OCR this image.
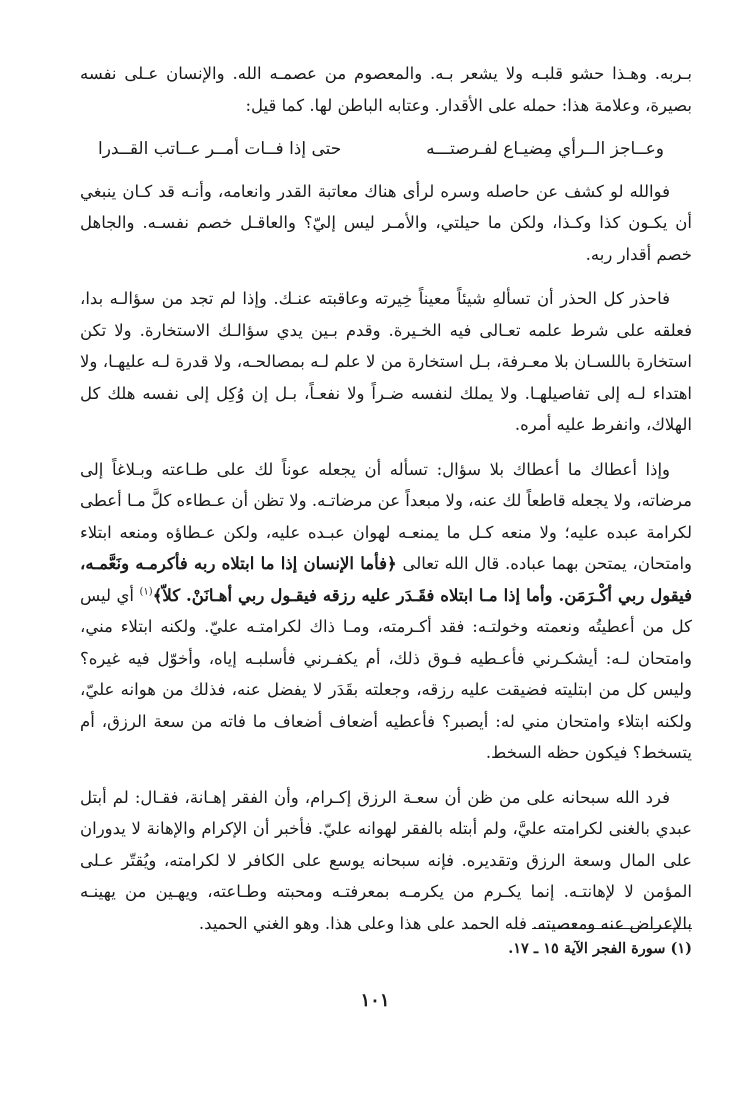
بـربه. وهـذا حشو قلبـه ولا يشعر بـه. والمعصوم من عصمـه الله. والإنسان عـلى نفسه بصيرة، وعلامة هذا: حمله على الأقدار. وعتابه الباطن لها. كما قيل:

وعــاجز الــرأي مِضيـاع لفـرصتـــه
حتى إذا فــات أمــر عــاتب القــدرا

فوالله لو كشف عن حاصله وسره لرأى هناك معاتبة القدر وانعامه، وأنـه قد كـان ينبغي أن يكـون كذا وكـذا، ولكن ما حيلتي، والأمـر ليس إليّ؟ والعاقـل خصم نفسـه. والجاهل خصم أقدار ربه.

فاحذر كل الحذر أن تسألهِ شيئاً معيناً خِيرته وعاقبته عنـك. وإذا لم تجد من سؤالـه بدا، فعلقه على شرط علمه تعـالى فيه الخـيرة. وقدم بـين يدي سؤالـك الاستخارة. ولا تكن استخارة باللسـان بلا معـرفة، بـل استخارة من لا علم لـه بمصالحـه، ولا قدرة لـه عليهـا، ولا اهتداء لـه إلى تفاصيلهـا. ولا يملك لنفسه ضـراً ولا نفعـاً، بـل إن وُكِل إلى نفسه هلك كل الهلاك، وانفرط عليه أمره.

وإذا أعطاك ما أعطاك بلا سؤال: تسأله أن يجعله عوناً لك على طـاعته وبـلاغاً إلى مرضاته، ولا يجعله قاطعاً لك عنه، ولا مبعداً عن مرضاتـه. ولا تظن أن عـطاءه كلَّ مـا أعطى لكرامة عبده عليه؛ ولا منعه كـل ما يمنعـه لهوان عبـده عليه، ولكن عـطاؤه ومنعه ابتلاء وامتحان، يمتحن بهما عباده. قال الله تعالى ﴿فأما الإنسان إذا ما ابتلاه ربه فأكرمـه ونَعَّمـه، فيقول ربي أكْـرَمَن. وأما إذا مـا ابتلاه فقَـدَر عليه رزقه فيقـول ربي أهـانَنْ. كلاّ﴾$^{(١)}$ أي ليس كل من أعطيتُه ونعمته وخولتـه: فقد أكـرمته، ومـا ذاك لكرامتـه عليّ. ولكنه ابتلاء مني، وامتحان لـه: أيشكـرني فأعـطيه فـوق ذلك، أم يكفـرني فأسلبـه إياه، وأخوّل فيه غيره؟ وليس كل من ابتليته فضيقت عليه رزقه، وجعلته بقَدَر لا يفضل عنه، فذلك من هوانه عليّ، ولكنه ابتلاء وامتحان مني له: أيصبر؟ فأعطيه أضعاف أضعاف ما فاته من سعة الرزق، أم يتسخط؟ فيكون حظه السخط.

فرد الله سبحانه على من ظن أن سعـة الرزق إكـرام، وأن الفقر إهـانة، فقـال: لم أبتل عبدي بالغنى لكرامته عليَّ، ولم أبتله بالفقر لهوانه عليّ. فأخبر أن الإكرام والإهانة لا يدوران على المال وسعة الرزق وتقديره. فإنه سبحانه يوسع على الكافر لا لكرامته، ويُقتّر عـلى المؤمن لا لإهانتـه. إنما يكـرم من يكرمـه بمعرفتـه ومحبته وطـاعته، ويهـين من يهينـه بالإعراض عنه ومعصيته. فله الحمد على هذا وعلى هذا. وهو الغني الحميد.

(١) سورة الفجر الآية ١٥ ـ ١٧.
١٠١
